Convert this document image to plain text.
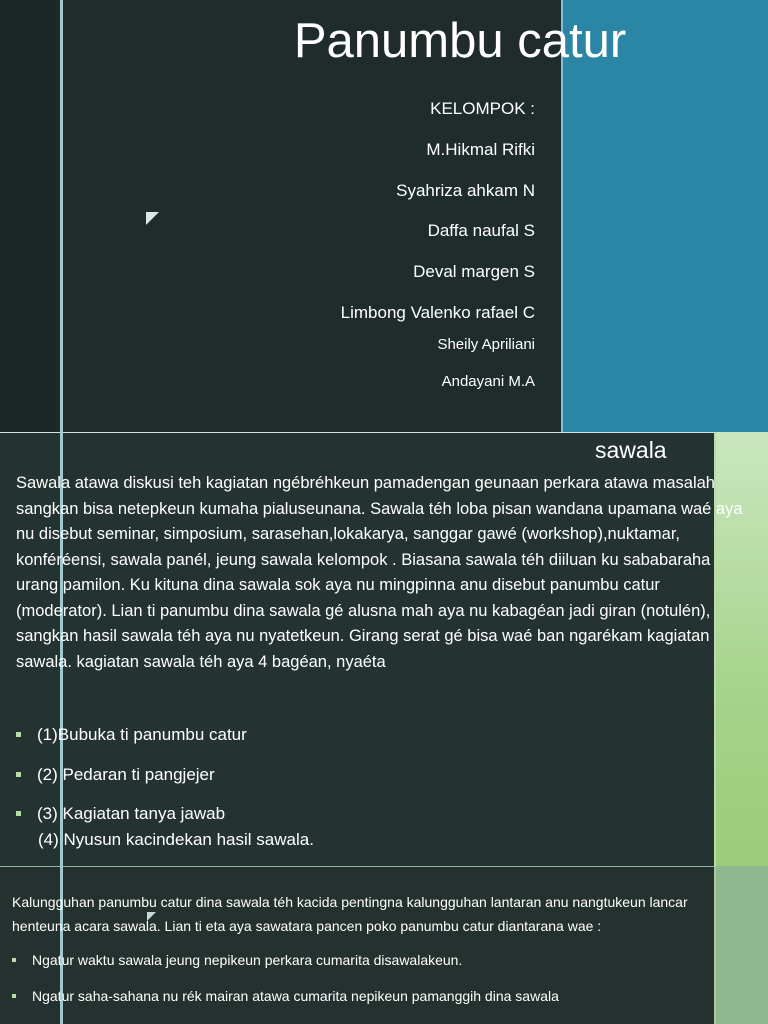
Panumbu catur
KELOMPOK :
M.Hikmal Rifki
Syahriza ahkam N
Daffa naufal S
Deval margen S
Limbong Valenko rafael C
Sheily Apriliani
Andayani M.A
sawala
Sawala atawa diskusi teh kagiatan ngébréhkeun pamadengan geunaan perkara atawa masalah sangkan bisa netepkeun kumaha pialuseunana. Sawala téh loba pisan wandana upamana waé aya nu disebut seminar, simposium, sarasehan,lokakarya, sanggar gawé (workshop),nuktamar, konféréensi, sawala panél, jeung sawala kelompok . Biasana sawala téh diiluan ku sababaraha urang pamilon. Ku kituna dina sawala sok aya nu mingpinna anu disebut panumbu catur (moderator). Lian ti panumbu dina sawala gé alusna mah aya nu kabagéan jadi giran (notulén), sangkan hasil sawala téh aya nu nyatetkeun. Girang serat gé bisa waé ban ngarékam kagiatan sawala. kagiatan sawala téh aya 4 bagéan, nyaéta
(1)Bubuka ti panumbu catur
(2) Pedaran ti pangjejer
(3) Kagiatan tanya jawab
(4) Nyusun kacindekan hasil sawala.
Kalungguhan panumbu catur dina sawala téh kacida pentingna kalungguhan lantaran anu nangtukeun lancar henteuna acara sawala. Lian ti eta aya sawatara pancen poko panumbu catur diantarana wae :
Ngatur waktu sawala jeung nepikeun perkara cumarita disawalakeun.
Ngatur saha-sahana nu rék mairan atawa cumarita nepikeun pamanggih dina sawala
